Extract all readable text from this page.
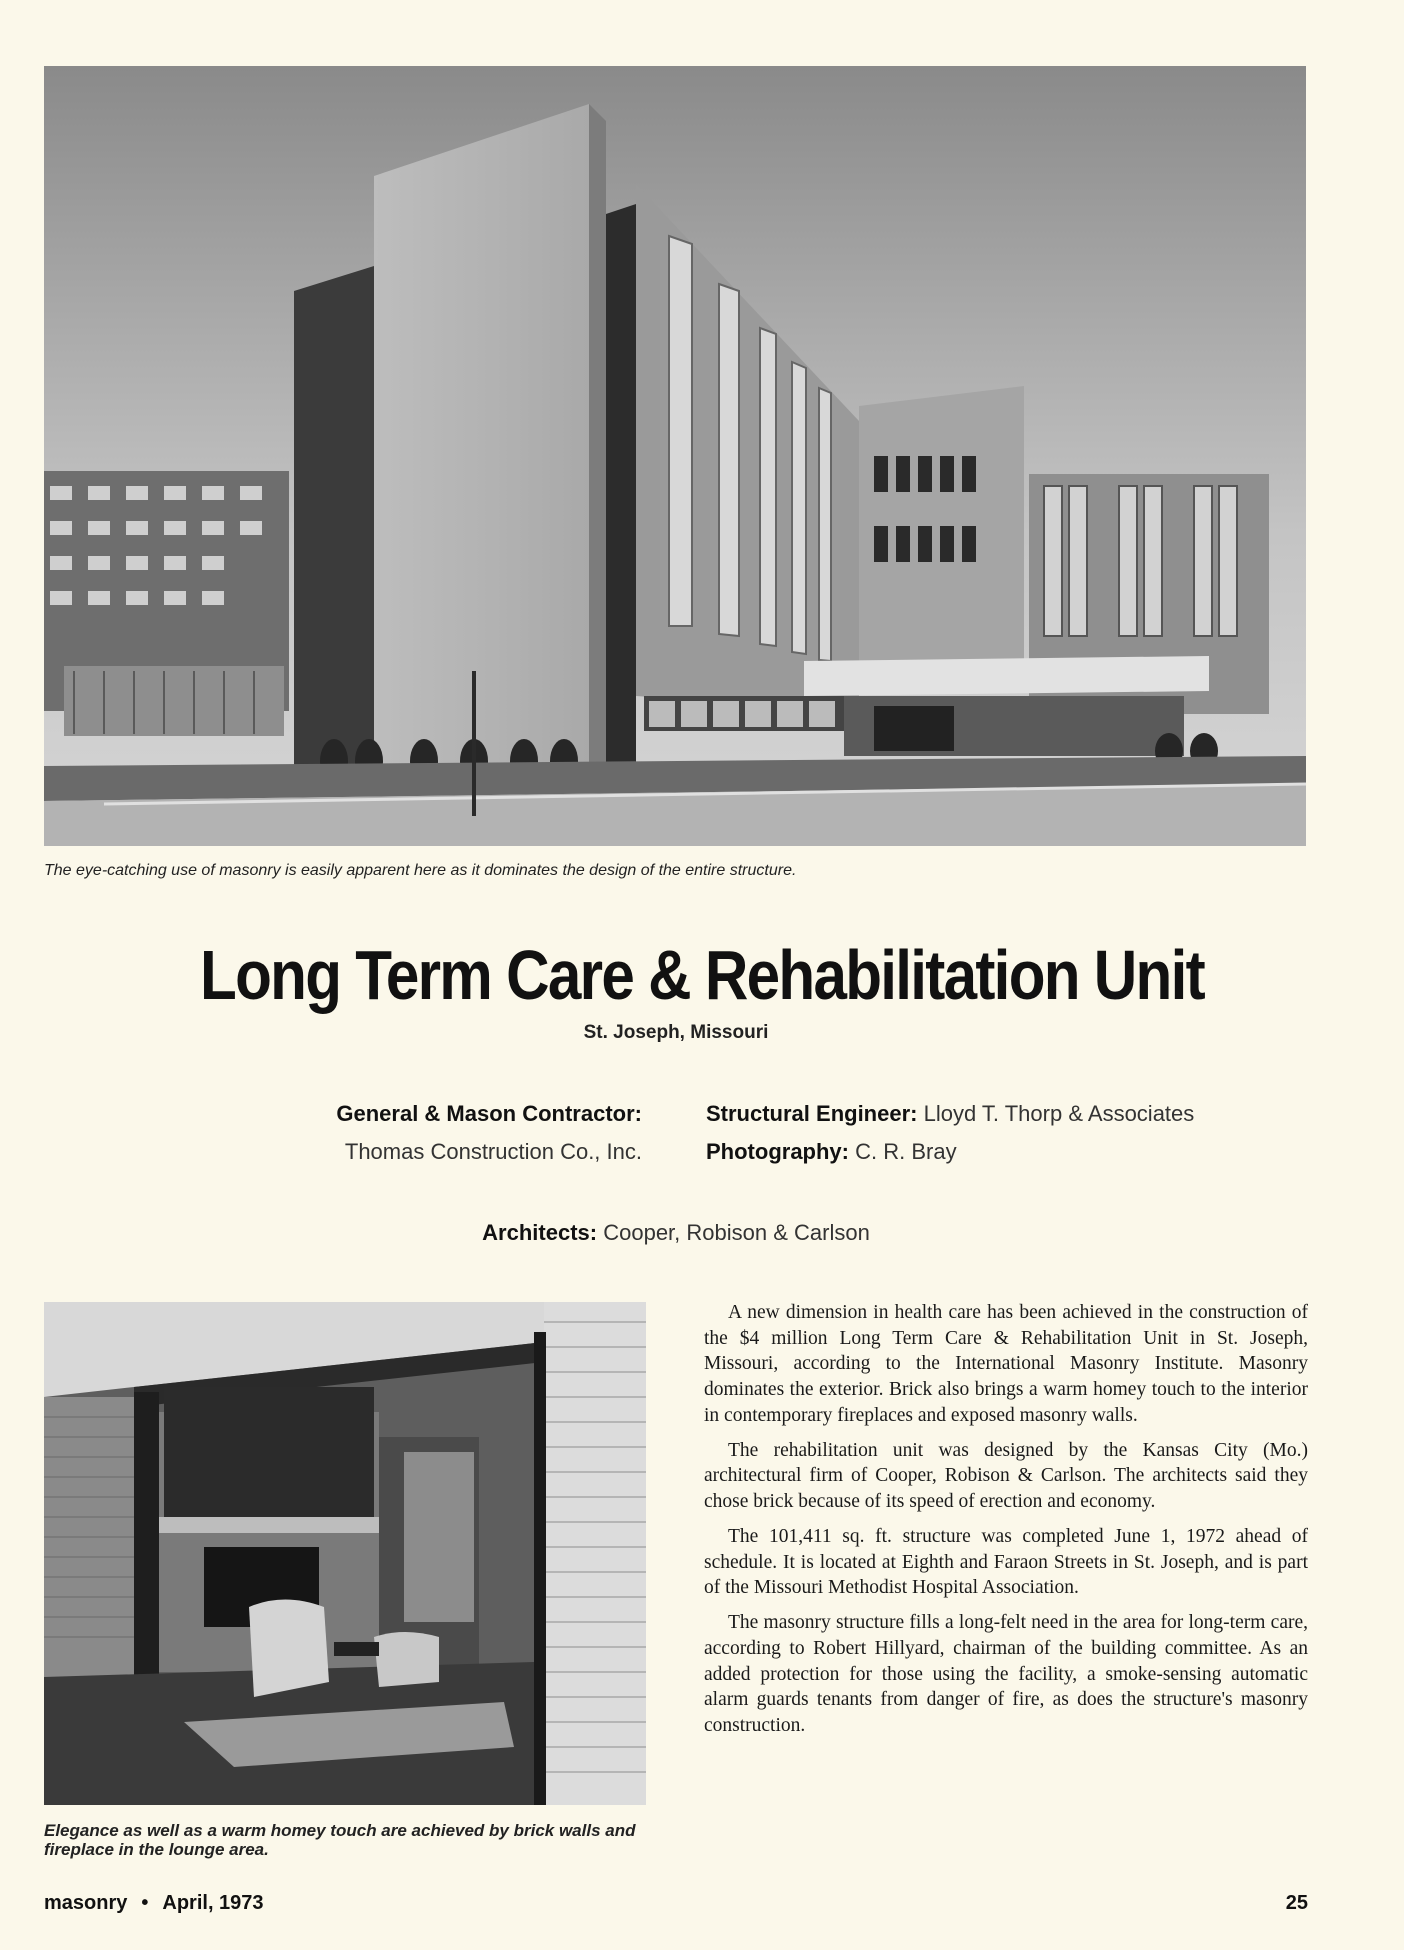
The eye-catching use of masonry is easily apparent here as it dominates the design of the entire structure.
Long Term Care & Rehabilitation Unit
St. Joseph, Missouri
General & Mason Contractor:
Thomas Construction Co., Inc.
Structural Engineer: Lloyd T. Thorp & Associates
Photography: C. R. Bray
Architects: Cooper, Robison & Carlson
Elegance as well as a warm homey touch are achieved by brick walls and fireplace in the lounge area.

A new dimension in health care has been achieved in the construction of the $4 million Long Term Care & Rehabilitation Unit in St. Joseph, Missouri, according to the International Masonry Institute. Masonry dominates the exterior. Brick also brings a warm homey touch to the interior in contemporary fireplaces and exposed masonry walls.

The rehabilitation unit was designed by the Kansas City (Mo.) architectural firm of Cooper, Robison & Carlson. The architects said they chose brick because of its speed of erection and economy.

The 101,411 sq. ft. structure was completed June 1, 1972 ahead of schedule. It is located at Eighth and Faraon Streets in St. Joseph, and is part of the Missouri Methodist Hospital Association.

The masonry structure fills a long-felt need in the area for long-term care, according to Robert Hillyard, chairman of the building committee. As an added protection for those using the facility, a smoke-sensing automatic alarm guards tenants from danger of fire, as does the structure's masonry construction.

masonry • April, 1973	25
